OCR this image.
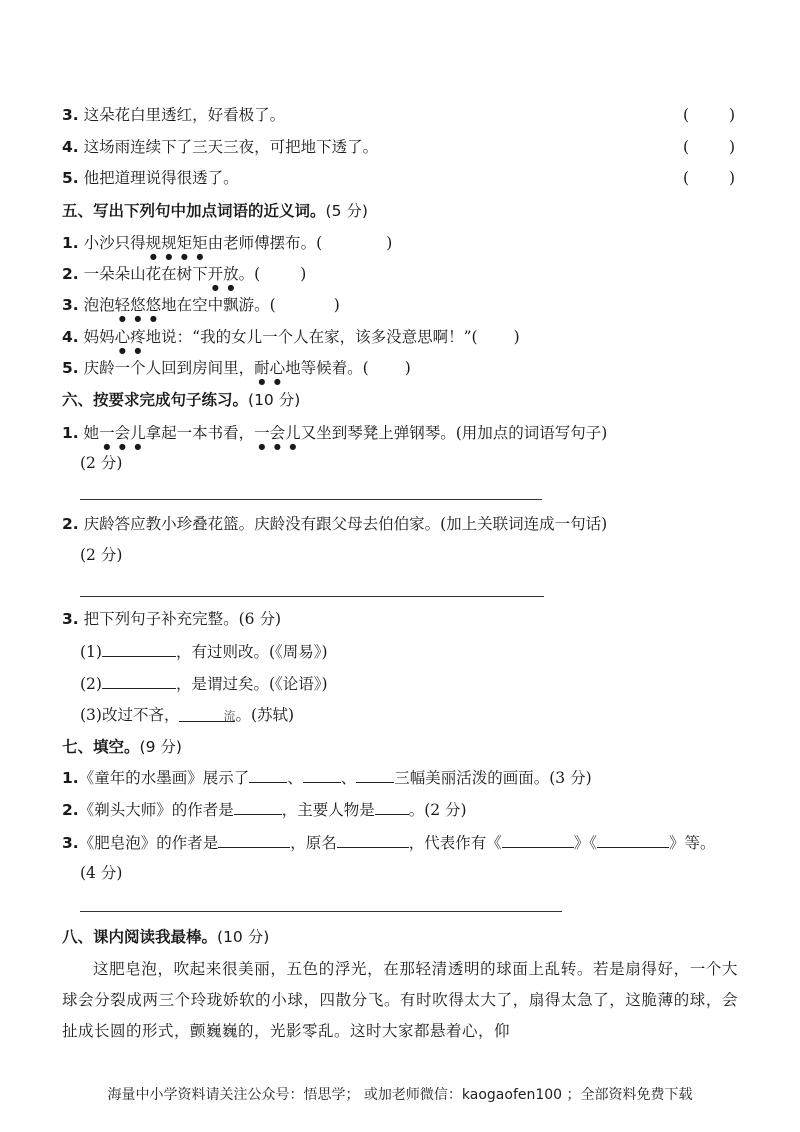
3. 这朵花白里透红，好看极了。	(	)
4. 这场雨连续下了三天三夜，可把地下透了。	(	)
5. 他把道理说得很透了。	(	)
五、写出下列句中加点词语的近义词。(5 分)
1. 小沙只得规规矩矩由老师傅摆布。(	)
2. 一朵朵山花在树下开放。(	)
3. 泡泡轻悠悠地在空中飘游。(	)
4. 妈妈心疼地说：“我的女儿一个人在家，该多没意思啊！”( )
5. 庆龄一个人回到房间里，耐心地等候着。( )
六、按要求完成句子练习。(10 分)
1. 她一会儿拿起一本书看，一会儿又坐到琴凳上弹钢琴。(用加点的词语写句子)
(2 分)
2. 庆龄答应教小珍叠花篮。庆龄没有跟父母去伯伯家。(加上关联词连成一句话)
(2 分)
3. 把下列句子补充完整。(6 分)
(1)	，有过则改。(《周易》)
(2)	，是谓过矣。(《论语》)
(3)改过不吝，	流。(苏轼)
七、填空。(9 分)
1.《童年的水墨画》展示了 、 、 三幅美丽活泼的画面。(3 分)
2.《剃头大师》的作者是	，主要人物是 。(2 分)
3.《肥皂泡》的作者是	，原名	，代表作有《	》《	》等。
(4 分)
八、课内阅读我最棒。(10 分)
这肥皂泡，吹起来很美丽，五色的浮光，在那轻清透明的球面上乱转。若是扇得好，一个大球会分裂成两三个玲珑娇软的小球，四散分飞。有时吹得太大了，扇得太急了，这脆薄的球，会扯成长圆的形式，颤巍巍的，光影零乱。这时大家都悬着心，仰
海量中小学资料请关注公众号：悟思学； 或加老师微信：kaogaofen100 ；全部资料免费下载
